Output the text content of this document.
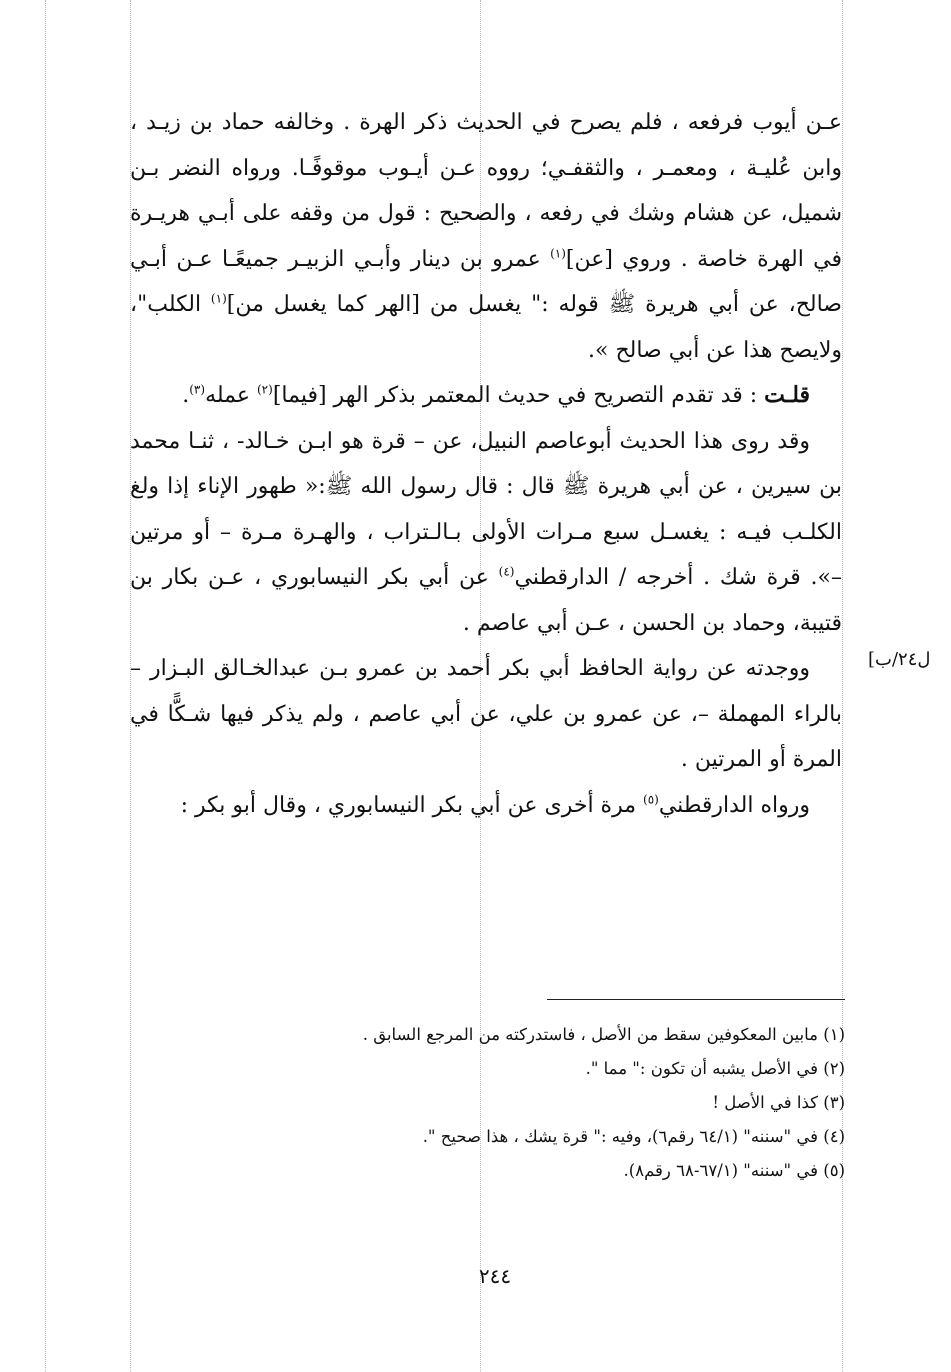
عـن أيوب فرفعه ، فلم يصرح في الحديث ذكر الهرة . وخالفه حماد بن زيـد ، وابن عُليـة ، ومعمـر ، والثقفـي؛ رووه عـن أيـوب موقوفًـا. ورواه النضر بـن شميل، عن هشام وشك في رفعه ، والصحيح : قول من وقفه على أبـي هريـرة في الهرة خاصة . وروي [عن]$^{(١)}$ عمرو بن دينار وأبـي الزبيـر جميعًـا عـن أبـي صالح، عن أبي هريرة ﷺ قوله :" يغسل من [الهر كما يغسل من]$^{(١)}$ الكلب"، ولايصح هذا عن أبي صالح ».

قلـت : قد تقدم التصريح في حديث المعتمر بذكر الهر [فيما]$^{(٢)}$ عمله$^{(٣)}$.

وقد روى هذا الحديث أبوعاصم النبيل، عن – قرة هو ابـن خـالد- ، ثنـا محمد بن سيرين ، عن أبي هريرة ﷺ قال : قال رسول الله ﷺ:« طهور الإناء إذا ولغ الكلـب فيـه : يغسـل سبع مـرات الأولى بـالـتراب ، والهـرة مـرة – أو مرتين –». قرة شك . أخرجه / الدارقطني$^{(٤)}$ عن أبي بكر النيسابوري ، عـن بكار بن قتيبة، وحماد بن الحسن ، عـن أبي عاصم .

ووجدته عن رواية الحافظ أبي بكر أحمد بن عمرو بـن عبدالخـالق البـزار – بالراء المهملة –، عن عمرو بن علي، عن أبي عاصم ، ولم يذكر فيها شـكًّا في المرة أو المرتين .

ورواه الدارقطني$^{(٥)}$ مرة أخرى عن أبي بكر النيسابوري ، وقال أبو بكر :

ل٢٤/ب]
(١) مابين المعكوفين سقط من الأصل ، فاستدركته من المرجع السابق .
(٢) في الأصل يشبه أن تكون :" مما ".
(٣) كذا في الأصل !
(٤) في "سننه" (٦٤/١ رقم٦)، وفيه :" قرة يشك ، هذا صحيح ".
(٥) في "سننه" (٦٧/١-٦٨ رقم٨).
٢٤٤
